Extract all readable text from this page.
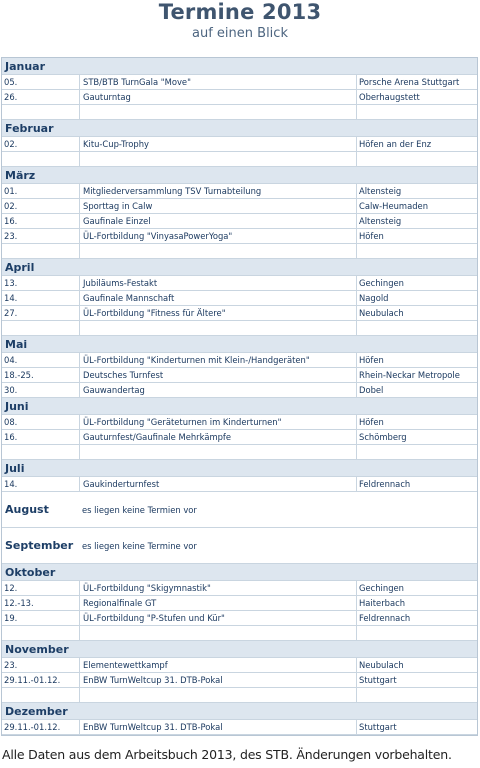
Termine 2013
auf einen Blick
Januar
05.	STB/BTB TurnGala "Move"	Porsche Arena Stuttgart
26.	Gauturntag	Oberhaugstett
Februar
02.	Kitu-Cup-Trophy	Höfen an der Enz
März
01.	Mitgliederversammlung TSV Turnabteilung	Altensteig
02.	Sporttag in Calw	Calw-Heumaden
16.	Gaufinale Einzel	Altensteig
23.	ÜL-Fortbildung "VinyasaPowerYoga"	Höfen
April
13.	Jubiläums-Festakt	Gechingen
14.	Gaufinale Mannschaft	Nagold
27.	ÜL-Fortbildung "Fitness für Ältere"	Neubulach
Mai
04.	ÜL-Fortbildung "Kinderturnen mit Klein-/Handgeräten"	Höfen
18.-25.	Deutsches Turnfest	Rhein-Neckar Metropole
30.	Gauwandertag	Dobel
Juni
08.	ÜL-Fortbildung "Geräteturnen im Kinderturnen"	Höfen
16.	Gauturnfest/Gaufinale Mehrkämpfe	Schömberg
Juli
14.	Gaukinderturnfest	Feldrennach
August	es liegen keine Termien vor
September es liegen keine Termine vor
Oktober
12.	ÜL-Fortbildung "Skigymnastik"	Gechingen
12.-13.	Regionalfinale GT	Haiterbach
19.	ÜL-Fortbildung "P-Stufen und Kür"	Feldrennach
November
23.	Elementewettkampf	Neubulach
29.11.-01.12.	EnBW TurnWeltcup 31. DTB-Pokal	Stuttgart
Dezember
29.11.-01.12.	EnBW TurnWeltcup 31. DTB-Pokal	Stuttgart
Alle Daten aus dem Arbeitsbuch 2013, des STB. Änderungen vorbehalten.
